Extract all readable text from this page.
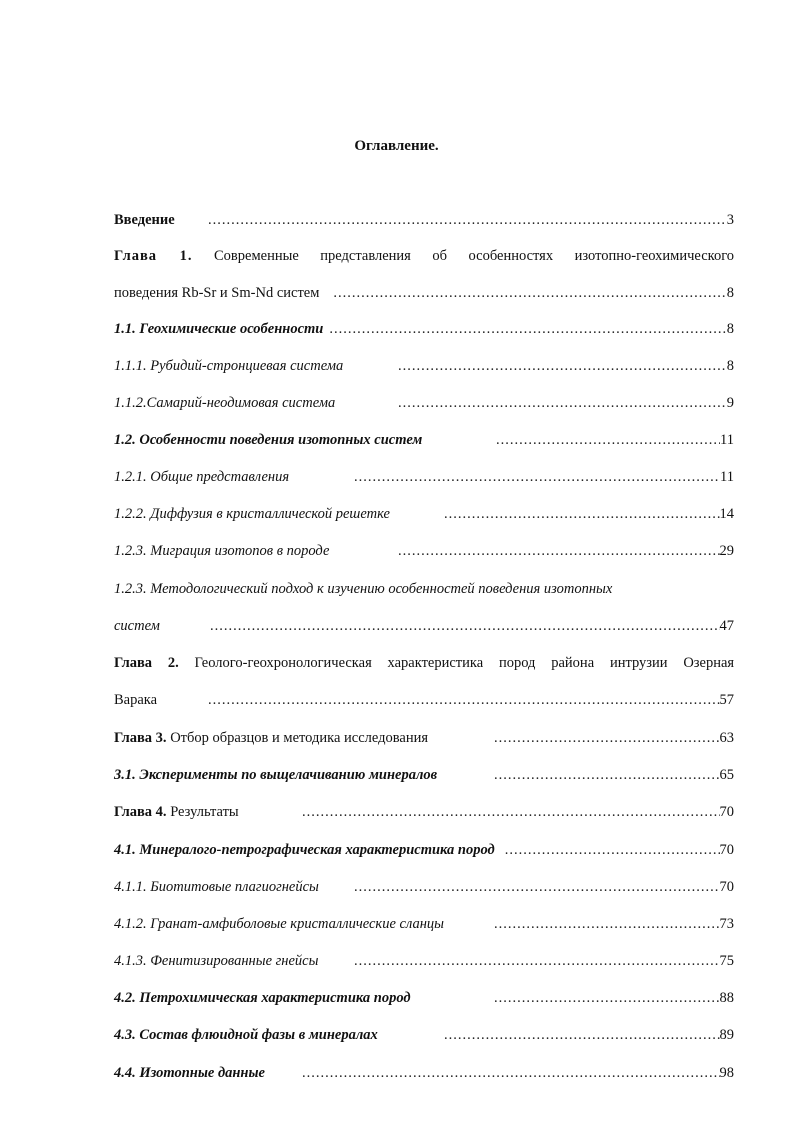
Оглавление.
Введение .....	3
Глава 1. Современные представления об особенностях изотопно-геохимического
поведения Rb-Sr и Sm-Nd систем .....	8
1.1. Геохимические особенности .....	8
1.1.1. Рубидий-стронциевая система .....	8
1.1.2.Самарий-неодимовая система .....	9
1.2. Особенности поведения изотопных систем .....	11
1.2.1. Общие представления .....	11
1.2.2. Диффузия в кристаллической решетке .....	14
1.2.3. Миграция изотопов в породе .....	29
1.2.3. Методологический подход к изучению особенностей поведения изотопных
систем .....	47
Глава 2. Геолого-геохронологическая характеристика пород района интрузии Озерная
Варака .....	57
Глава 3. Отбор образцов и методика исследования .....	63
3.1. Эксперименты по выщелачиванию минералов .....	65
Глава 4. Результаты .....	70
4.1. Минералого-петрографическая характеристика пород .....	70
4.1.1. Биотитовые плагиогнейсы .....	70
4.1.2. Гранат-амфиболовые кристаллические сланцы .....	73
4.1.3. Фенитизированные гнейсы .....	75
4.2. Петрохимическая характеристика пород .....	88
4.3. Состав флюидной фазы в минералах .....	89
4.4. Изотопные данные .....	98
